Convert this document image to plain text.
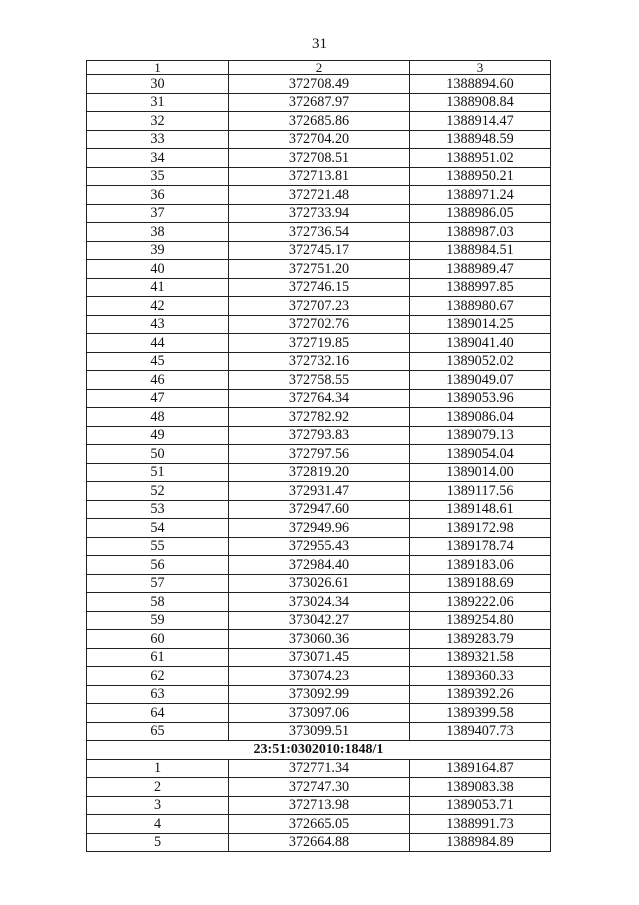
31
1	2	3
30	372708.49	1388894.60
31	372687.97	1388908.84
32	372685.86	1388914.47
33	372704.20	1388948.59
34	372708.51	1388951.02
35	372713.81	1388950.21
36	372721.48	1388971.24
37	372733.94	1388986.05
38	372736.54	1388987.03
39	372745.17	1388984.51
40	372751.20	1388989.47
41	372746.15	1388997.85
42	372707.23	1388980.67
43	372702.76	1389014.25
44	372719.85	1389041.40
45	372732.16	1389052.02
46	372758.55	1389049.07
47	372764.34	1389053.96
48	372782.92	1389086.04
49	372793.83	1389079.13
50	372797.56	1389054.04
51	372819.20	1389014.00
52	372931.47	1389117.56
53	372947.60	1389148.61
54	372949.96	1389172.98
55	372955.43	1389178.74
56	372984.40	1389183.06
57	373026.61	1389188.69
58	373024.34	1389222.06
59	373042.27	1389254.80
60	373060.36	1389283.79
61	373071.45	1389321.58
62	373074.23	1389360.33
63	373092.99	1389392.26
64	373097.06	1389399.58
65	373099.51	1389407.73
23:51:0302010:1848/1		
1	372771.34	1389164.87
2	372747.30	1389083.38
3	372713.98	1389053.71
4	372665.05	1388991.73
5	372664.88	1388984.89
